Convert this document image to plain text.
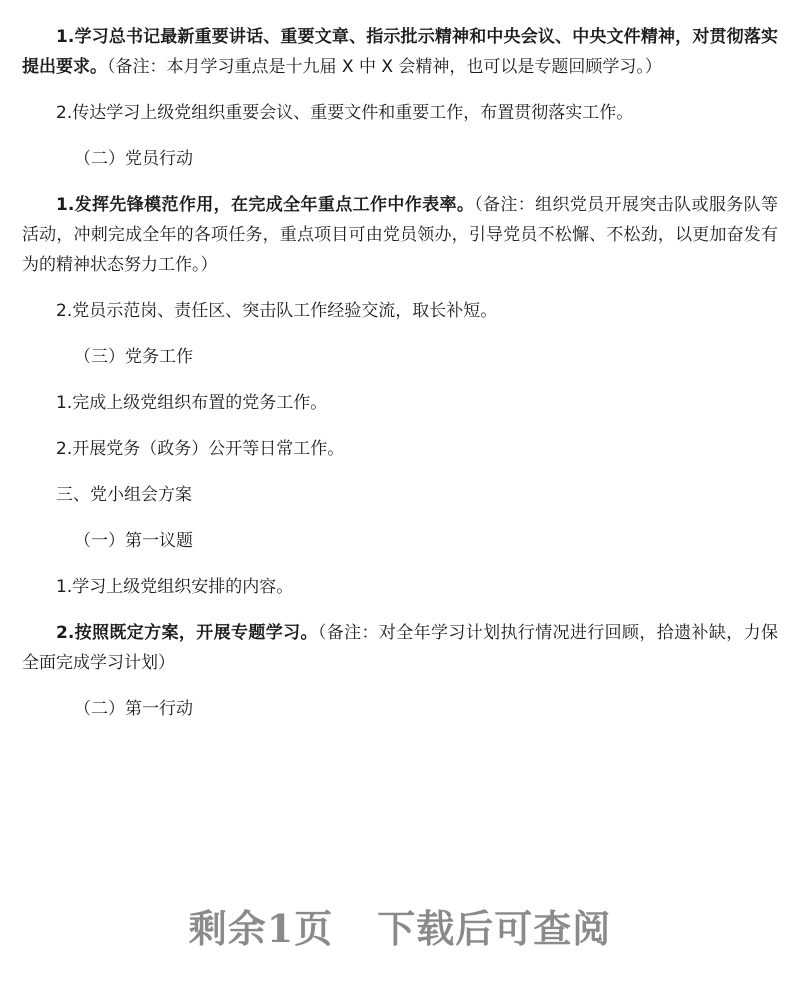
1.学习总书记最新重要讲话、重要文章、指示批示精神和中央会议、中央文件精神，对贯彻落实提出要求。（备注：本月学习重点是十九届 X 中 X 会精神，也可以是专题回顾学习。）

2.传达学习上级党组织重要会议、重要文件和重要工作，布置贯彻落实工作。

（二）党员行动

1.发挥先锋模范作用，在完成全年重点工作中作表率。（备注：组织党员开展突击队或服务队等活动，冲刺完成全年的各项任务，重点项目可由党员领办，引导党员不松懈、不松劲，以更加奋发有为的精神状态努力工作。）

2.党员示范岗、责任区、突击队工作经验交流，取长补短。

（三）党务工作

1.完成上级党组织布置的党务工作。

2.开展党务（政务）公开等日常工作。

三、党小组会方案

（一）第一议题

1.学习上级党组织安排的内容。

2.按照既定方案，开展专题学习。（备注：对全年学习计划执行情况进行回顾，拾遗补缺，力保全面完成学习计划）

（二）第一行动

剩余1页 下载后可查阅
